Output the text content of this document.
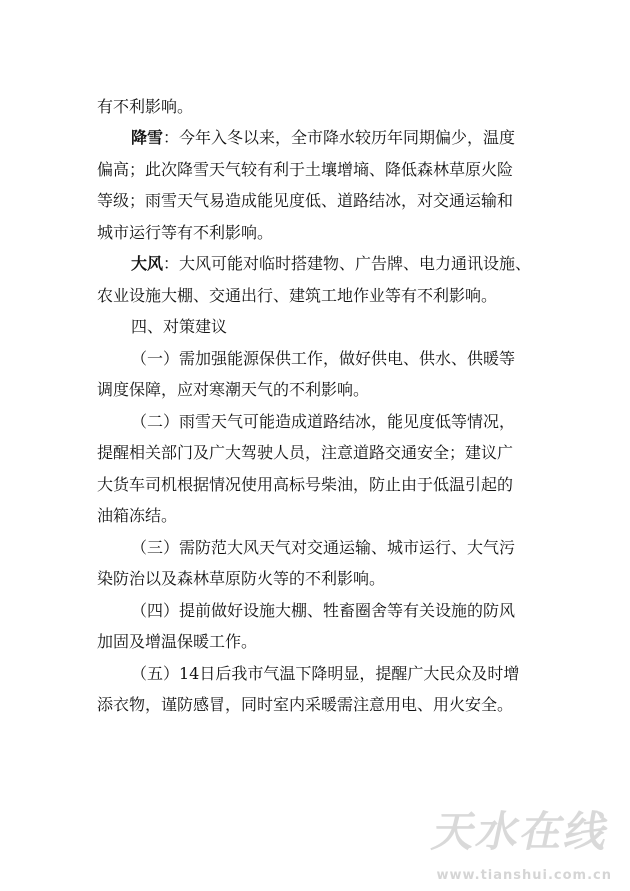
有不利影响。
降雪：今年入冬以来，全市降水较历年同期偏少，温度
偏高；此次降雪天气较有利于土壤增墒、降低森林草原火险
等级；雨雪天气易造成能见度低、道路结冰，对交通运输和
城市运行等有不利影响。
大风：大风可能对临时搭建物、广告牌、电力通讯设施、
农业设施大棚、交通出行、建筑工地作业等有不利影响。
四、对策建议
（一）需加强能源保供工作，做好供电、供水、供暖等
调度保障，应对寒潮天气的不利影响。
（二）雨雪天气可能造成道路结冰，能见度低等情况，
提醒相关部门及广大驾驶人员，注意道路交通安全；建议广
大货车司机根据情况使用高标号柴油，防止由于低温引起的
油箱冻结。
（三）需防范大风天气对交通运输、城市运行、大气污
染防治以及森林草原防火等的不利影响。
（四）提前做好设施大棚、牲畜圈舍等有关设施的防风
加固及增温保暖工作。
（五）14日后我市气温下降明显，提醒广大民众及时增
添衣物，谨防感冒，同时室内采暖需注意用电、用火安全。
天水在线
www.tianshui.com.cn
